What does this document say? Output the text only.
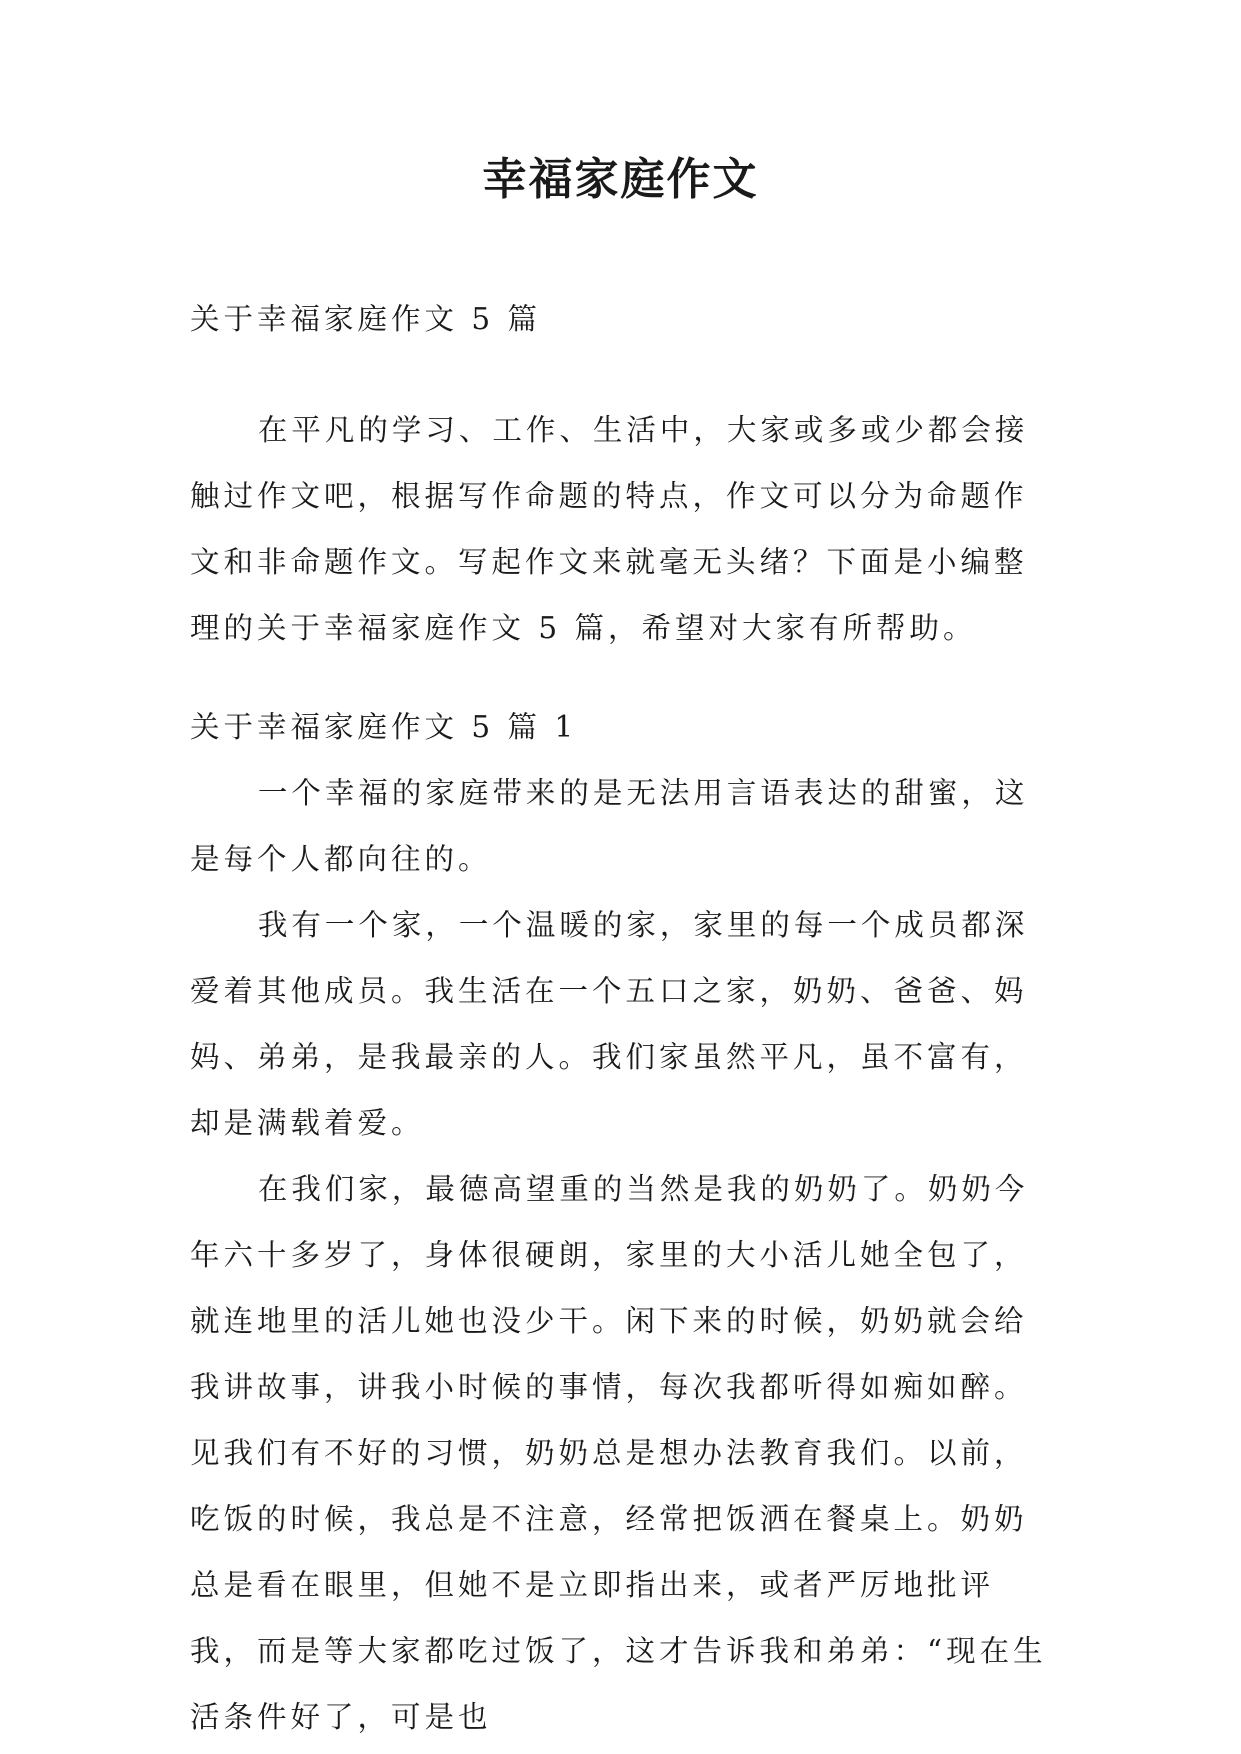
幸福家庭作文

关于幸福家庭作文 5 篇

在平凡的学习、工作、生活中，大家或多或少都会接触过作文吧，根据写作命题的特点，作文可以分为命题作文和非命题作文。写起作文来就毫无头绪？下面是小编整理的关于幸福家庭作文 5 篇，希望对大家有所帮助。

关于幸福家庭作文 5 篇 1

一个幸福的家庭带来的是无法用言语表达的甜蜜，这是每个人都向往的。

我有一个家，一个温暖的家，家里的每一个成员都深爱着其他成员。我生活在一个五口之家，奶奶、爸爸、妈妈、弟弟，是我最亲的人。我们家虽然平凡，虽不富有，却是满载着爱。

在我们家，最德高望重的当然是我的奶奶了。奶奶今年六十多岁了，身体很硬朗，家里的大小活儿她全包了，就连地里的活儿她也没少干。闲下来的时候，奶奶就会给我讲故事，讲我小时候的事情，每次我都听得如痴如醉。见我们有不好的习惯，奶奶总是想办法教育我们。以前，吃饭的时候，我总是不注意，经常把饭洒在餐桌上。奶奶总是看在眼里，但她不是立即指出来，或者严厉地批评我，而是等大家都吃过饭了，这才告诉我和弟弟：“现在生活条件好了，可是也
